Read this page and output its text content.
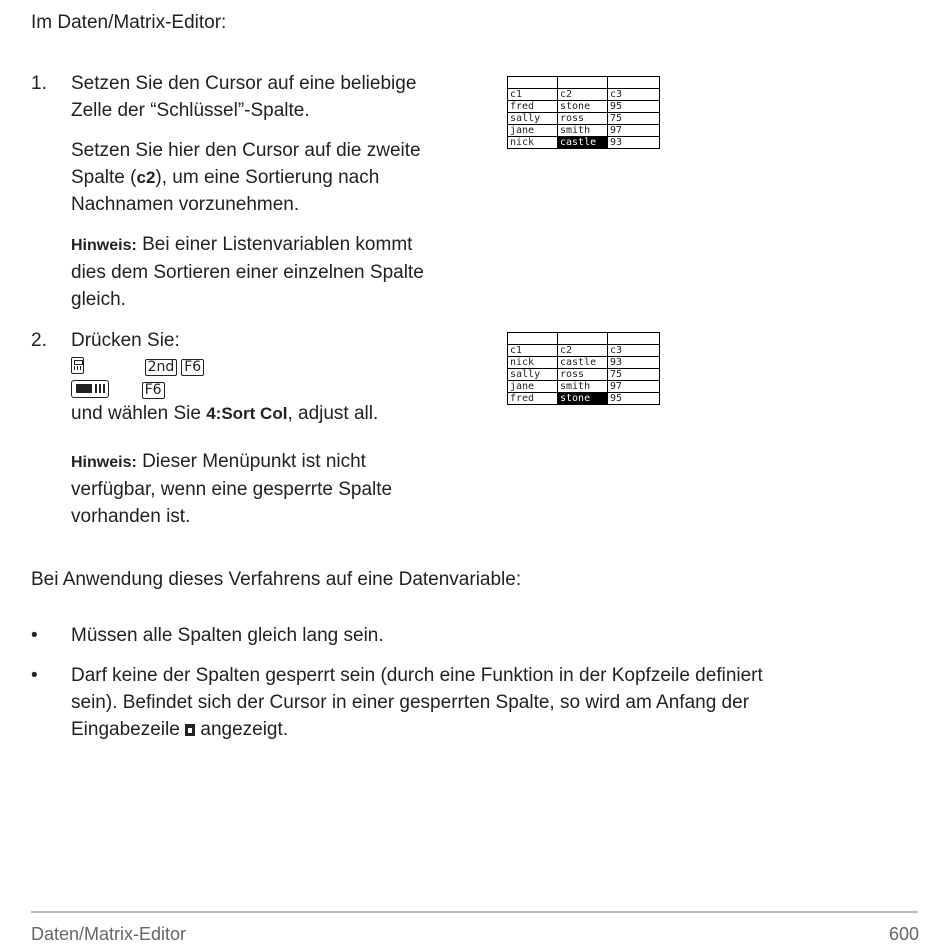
Im Daten/Matrix-Editor:

1. Setzen Sie den Cursor auf eine beliebige

Zelle der “Schlüssel”-Spalte.

Setzen Sie hier den Cursor auf die zweite

Spalte (c2), um eine Sortierung nach

Nachnamen vorzunehmen.

Hinweis: Bei einer Listenvariablen kommt

dies dem Sortieren einer einzelnen Spalte

gleich.

c1	c2	c3
fred	stone	95
sally	ross	75
jane	smith	97
nick	castle	93
2. Drücken Sie:

2nd F6

F6

und wählen Sie 4:Sort Col, adjust all.

Hinweis: Dieser Menüpunkt ist nicht

verfügbar, wenn eine gesperrte Spalte

vorhanden ist.

c1	c2	c3
nick	castle	93
sally	ross	75
jane	smith	97
fred	stone	95

Bei Anwendung dieses Verfahrens auf eine Datenvariable:

• Müssen alle Spalten gleich lang sein.

• Darf keine der Spalten gesperrt sein (durch eine Funktion in der Kopfzeile definiert

sein). Befindet sich der Cursor in einer gesperrten Spalte, so wird am Anfang der

Eingabezeile  angezeigt.

Daten/Matrix-Editor	600
